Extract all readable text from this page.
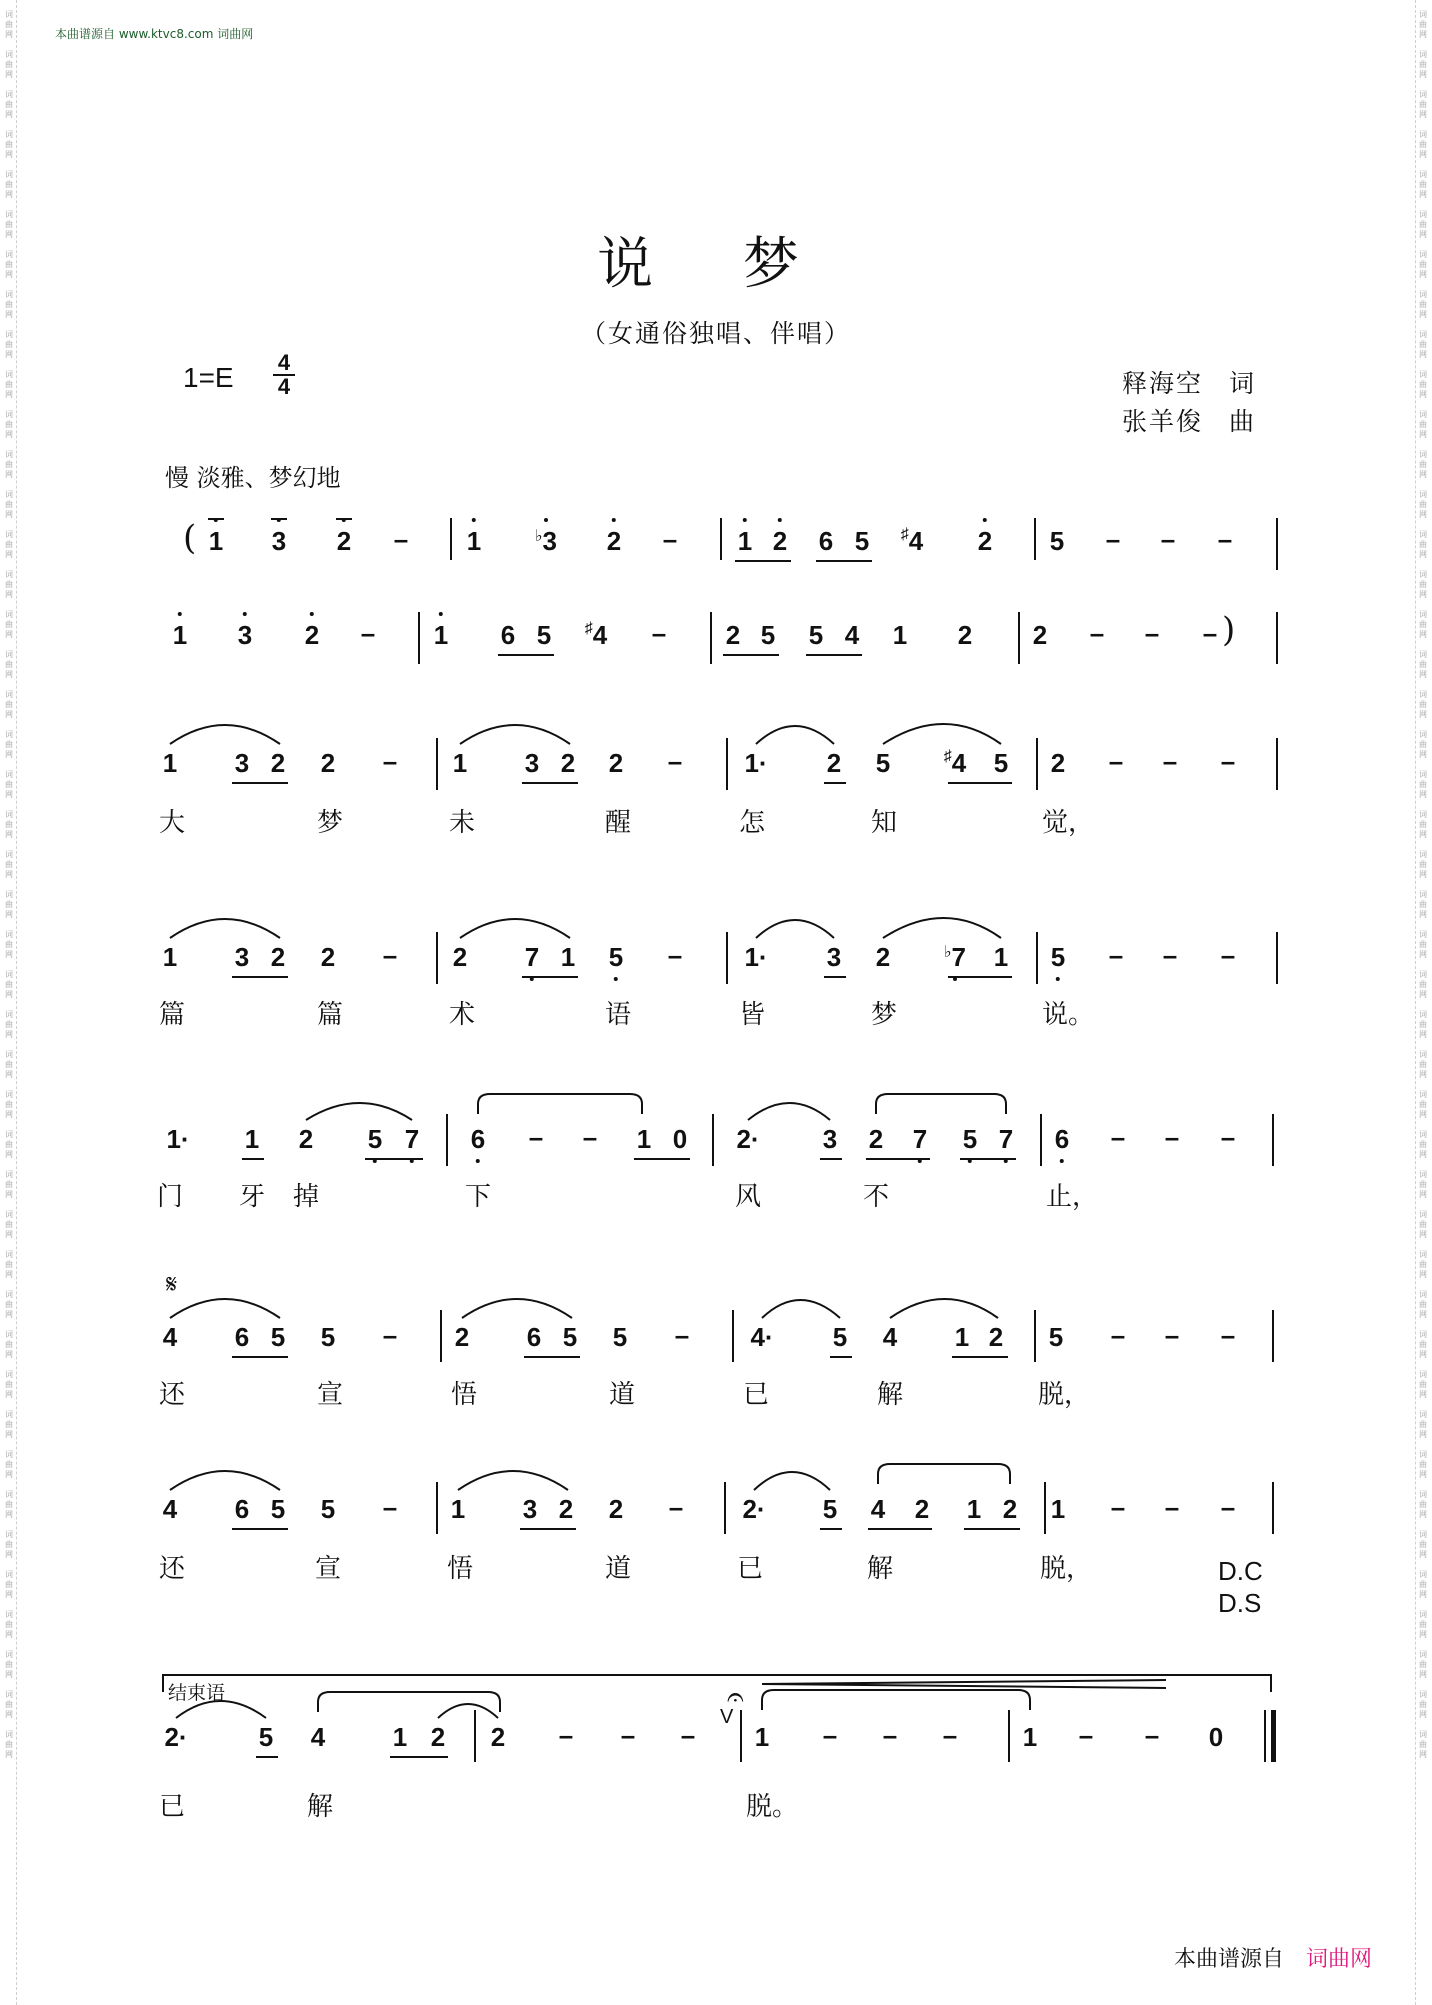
词
曲
网
词
曲
网
词
曲
网
词
曲
网
词
曲
网
词
曲
网
词
曲
网
词
曲
网
词
曲
网
词
曲
网
词
曲
网
词
曲
网
词
曲
网
词
曲
网
词
曲
网
词
曲
网
词
曲
网
词
曲
网
词
曲
网
词
曲
网
词
曲
网
词
曲
网
词
曲
网
词
曲
网
词
曲
网
词
曲
网
词
曲
网
词
曲
网
词
曲
网
词
曲
网
词
曲
网
词
曲
网
词
曲
网
词
曲
网
词
曲
网
词
曲
网
词
曲
网
词
曲
网
词
曲
网
词
曲
网
词
曲
网
词
曲
网
词
曲
网
词
曲
网
词
曲
网
词
曲
网
词
曲
网
词
曲
网
词
曲
网
词
曲
网
词
曲
网
词
曲
网
词
曲
网
词
曲
网
词
曲
网
词
曲
网
词
曲
网
词
曲
网
词
曲
网
词
曲
网
词
曲
网
词
曲
网
词
曲
网
词
曲
网
词
曲
网
词
曲
网
词
曲
网
词
曲
网
词
曲
网
词
曲
网
词
曲
网
词
曲
网
词
曲
网
词
曲
网
词
曲
网
词
曲
网
词
曲
网
词
曲
网
词
曲
网
词
曲
网
词
曲
网
词
曲
网
词
曲
网
词
曲
网
词
曲
网
词
曲
网
词
曲
网
词
曲
网
本曲谱源自 www.ktvc8.com 词曲网
说 梦
（女通俗独唱、伴唱）
1=E 4
4	释海空 词
张羊俊 曲
慢 淡雅、梦幻地
( 1 3 2 – 1	♭3 2 – 1 2 6 5 ♯4 2 5 – – –
1 3 2 – 1 6 5 ♯4 – 2 5 5 4 1 2 2 – – – )
1 3 2 2 – 1 3 2 2 – 1· 2 5	♯4 5 2 – – –
大	梦	未	醒	怎	知	觉，
1 3 2 2 – 2 7 1 5 – 1· 3 2	♭7 1 5 – – –
篇	篇	术	语	皆	梦	说。
1· 1 2 5 7 6 – – 1 0 2· 3 2 7 5 7 6 – – –
门 牙 掉	下	风	不	止，
𝄋
4 6 5 5 – 2 6 5 5 – 4· 5 4 1 2 5 – – –
还	宣	悟	道	已	解	脱，
4 6 5 5 – 1 3 2 2 – 2· 5 4 2 1 2 1 – – –
还	宣	悟	道	已	解	脱，	D.C
D.S
结束语
2·	5 4	1 2 2 – – –
V
𝄐
1 – – –	1 – – 0
已	解	脱。
本曲谱源自 词曲网
